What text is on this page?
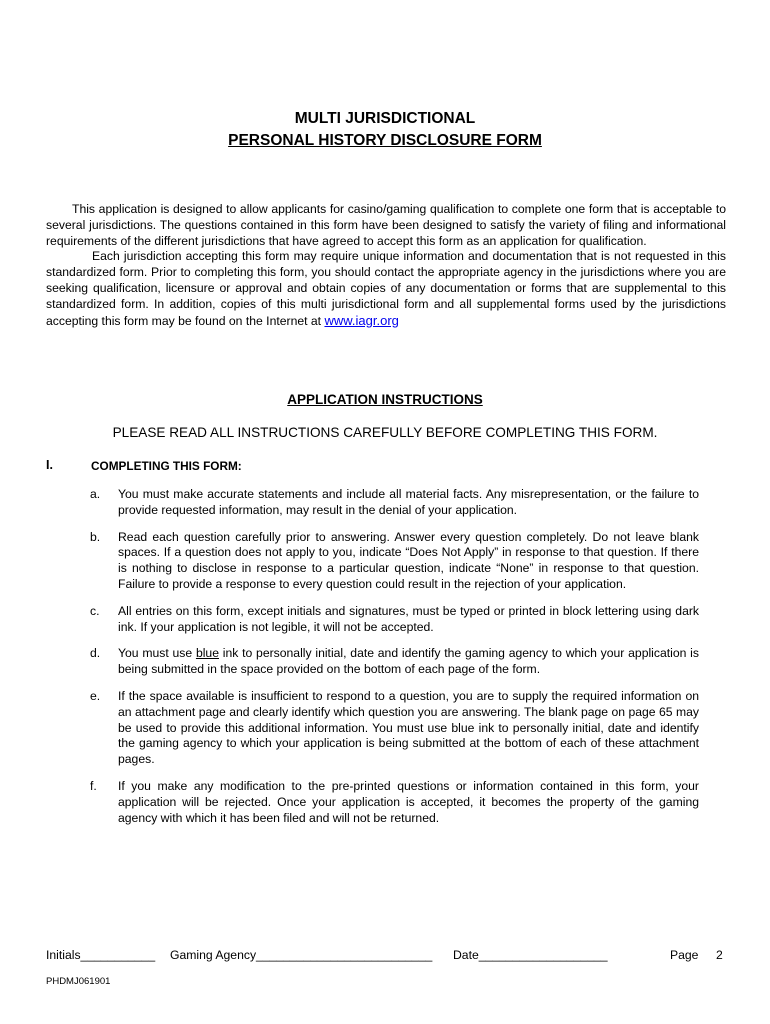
MULTI JURISDICTIONAL
PERSONAL HISTORY DISCLOSURE FORM

This application is designed to allow applicants for casino/gaming qualification to complete one form that is acceptable to several jurisdictions. The questions contained in this form have been designed to satisfy the variety of filing and informational requirements of the different jurisdictions that have agreed to accept this form as an application for qualification.

Each jurisdiction accepting this form may require unique information and documentation that is not requested in this standardized form. Prior to completing this form, you should contact the appropriate agency in the jurisdictions where you are seeking qualification, licensure or approval and obtain copies of any documentation or forms that are supplemental to this standardized form. In addition, copies of this multi jurisdictional form and all supplemental forms used by the jurisdictions accepting this form may be found on the Internet at www.iagr.org

APPLICATION INSTRUCTIONS
PLEASE READ ALL INSTRUCTIONS CAREFULLY BEFORE COMPLETING THIS FORM.
I.	COMPLETING THIS FORM:
a.	You must make accurate statements and include all material facts. Any misrepresentation, or the failure to provide requested information, may result in the denial of your application.
b.	Read each question carefully prior to answering. Answer every question completely. Do not leave blank spaces. If a question does not apply to you, indicate “Does Not Apply” in response to that question. If there is nothing to disclose in response to a particular question, indicate “None” in response to that question. Failure to provide a response to every question could result in the rejection of your application.
c.	All entries on this form, except initials and signatures, must be typed or printed in block lettering using dark ink. If your application is not legible, it will not be accepted.
d.	You must use blue ink to personally initial, date and identify the gaming agency to which your application is being submitted in the space provided on the bottom of each page of the form.
e.	If the space available is insufficient to respond to a question, you are to supply the required information on an attachment page and clearly identify which question you are answering. The blank page on page 65 may be used to provide this additional information. You must use blue ink to personally initial, date and identify the gaming agency to which your application is being submitted at the bottom of each of these attachment pages.
f.	If you make any modification to the pre-printed questions or information contained in this form, your application will be rejected. Once your application is accepted, it becomes the property of the gaming agency with which it has been filed and will not be returned.
Initials___________ Gaming Agency__________________________ Date___________________	Page 2
PHDMJ061901
